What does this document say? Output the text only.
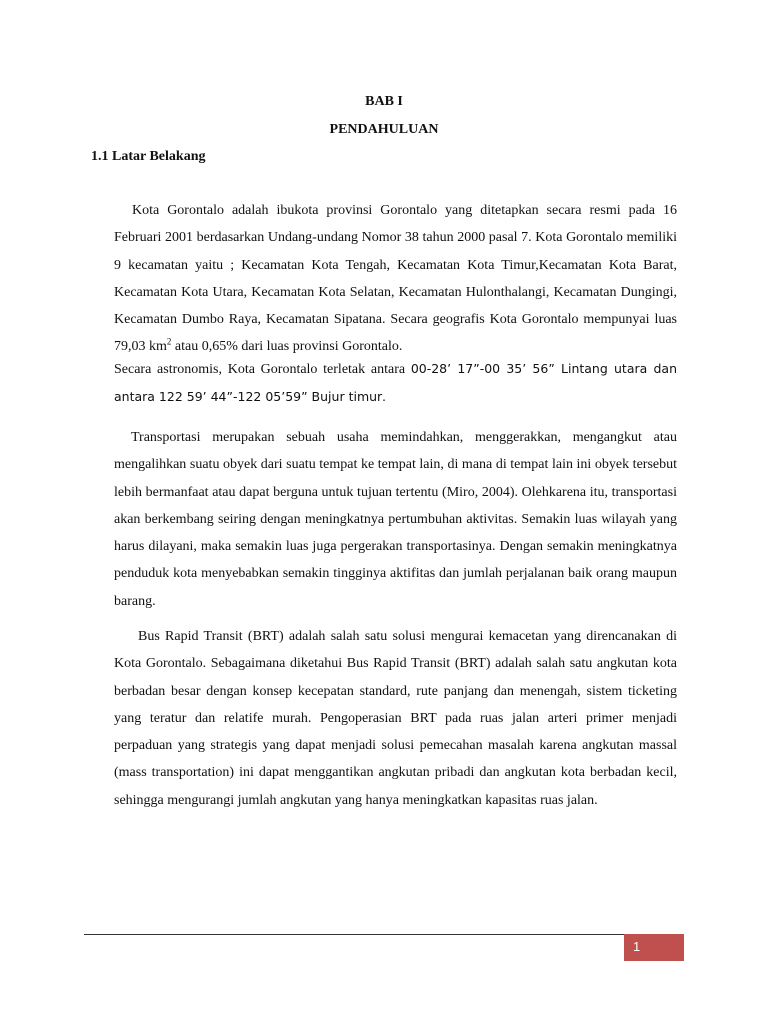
BAB I
PENDAHULUAN
1.1 Latar Belakang

Kota Gorontalo adalah ibukota provinsi Gorontalo yang ditetapkan secara resmi pada 16 Februari 2001 berdasarkan Undang-undang Nomor 38 tahun 2000 pasal 7. Kota Gorontalo memiliki 9 kecamatan yaitu ; Kecamatan Kota Tengah, Kecamatan Kota Timur,Kecamatan Kota Barat, Kecamatan Kota Utara, Kecamatan Kota Selatan, Kecamatan Hulonthalangi, Kecamatan Dungingi, Kecamatan Dumbo Raya, Kecamatan Sipatana. Secara geografis Kota Gorontalo mempunyai luas 79,03 $km^2$ atau 0,65% dari luas provinsi Gorontalo.

Secara astronomis, Kota Gorontalo terletak antara 00-28’ 17”-00 35’ 56” Lintang utara dan antara 122 59’ 44”-122 05’59” Bujur timur.

Transportasi merupakan sebuah usaha memindahkan, menggerakkan, mengangkut atau mengalihkan suatu obyek dari suatu tempat ke tempat lain, di mana di tempat lain ini obyek tersebut lebih bermanfaat atau dapat berguna untuk tujuan tertentu (Miro, 2004). Olehkarena itu, transportasi akan berkembang seiring dengan meningkatnya pertumbuhan aktivitas. Semakin luas wilayah yang harus dilayani, maka semakin luas juga pergerakan transportasinya. Dengan semakin meningkatnya penduduk kota menyebabkan semakin tingginya aktifitas dan jumlah perjalanan baik orang maupun barang.

Bus Rapid Transit (BRT) adalah salah satu solusi mengurai kemacetan yang direncanakan di Kota Gorontalo. Sebagaimana diketahui Bus Rapid Transit (BRT) adalah salah satu angkutan kota berbadan besar dengan konsep kecepatan standard, rute panjang dan menengah, sistem ticketing yang teratur dan relatife murah. Pengoperasian BRT pada ruas jalan arteri primer menjadi perpaduan yang strategis yang dapat menjadi solusi pemecahan masalah karena angkutan massal (mass transportation) ini dapat menggantikan angkutan pribadi dan angkutan kota berbadan kecil, sehingga mengurangi jumlah angkutan yang hanya meningkatkan kapasitas ruas jalan.

1
